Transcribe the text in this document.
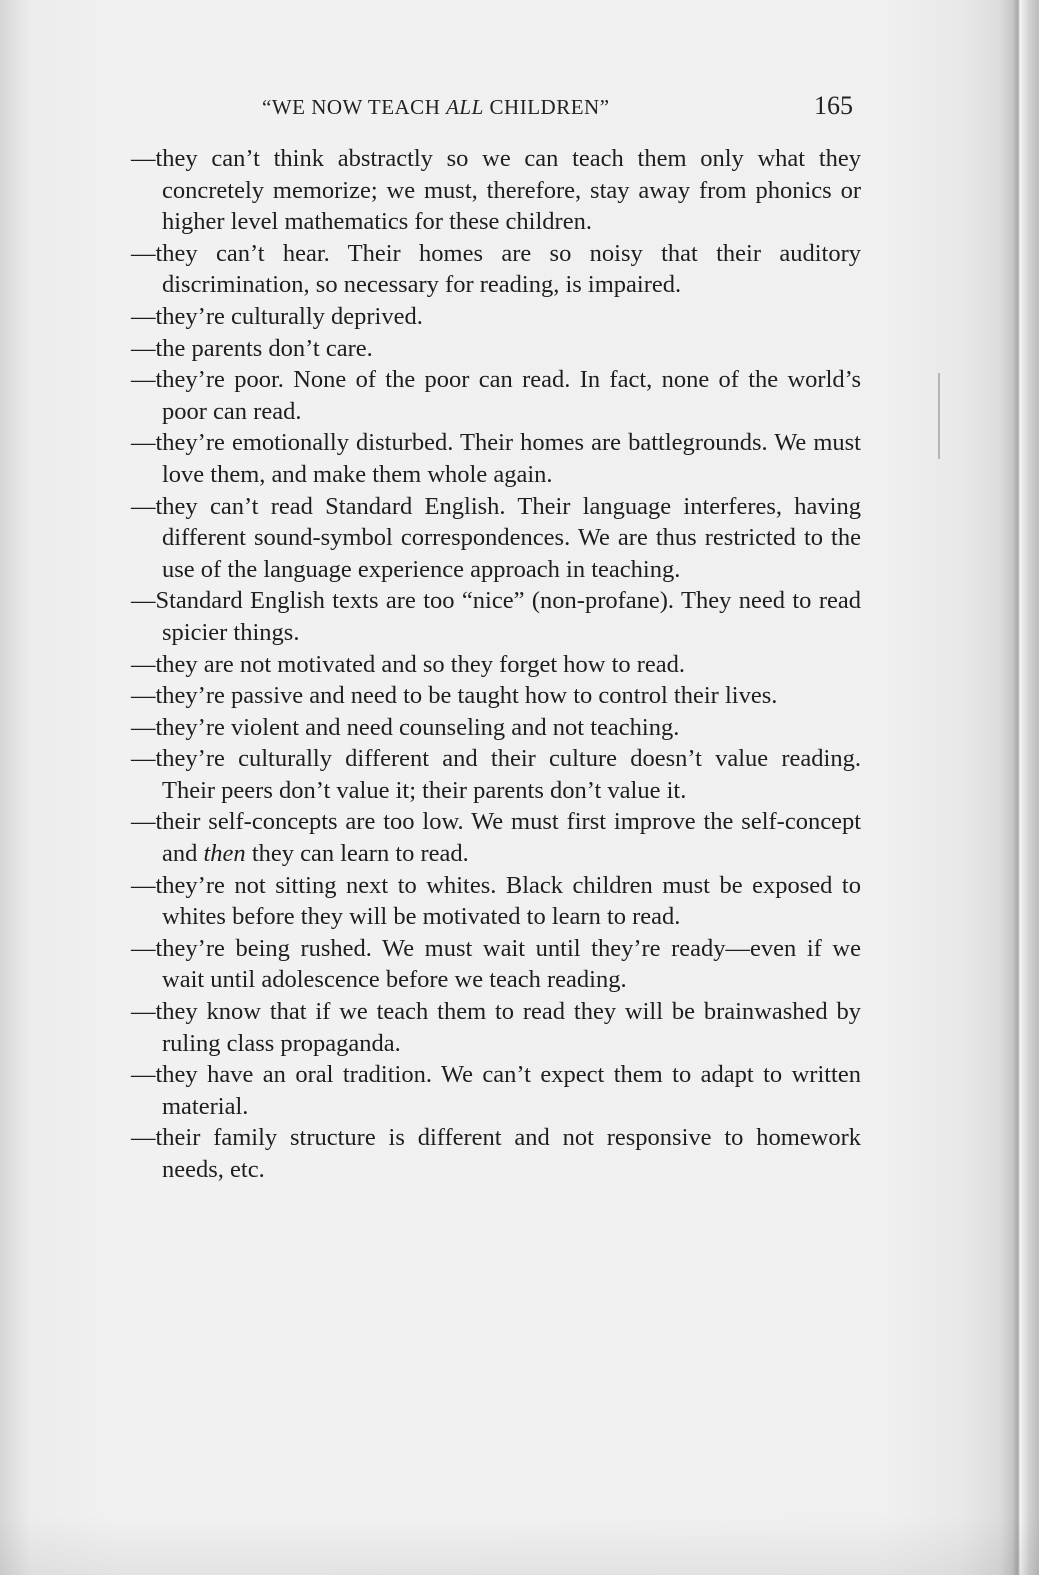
“WE NOW TEACH ALL CHILDREN”	165

—they can’t think abstractly so we can teach them only what they concretely memorize; we must, therefore, stay away from phonics or higher level mathematics for these children.

—they can’t hear. Their homes are so noisy that their auditory discrimination, so necessary for reading, is impaired.

—they’re culturally deprived.

—the parents don’t care.

—they’re poor. None of the poor can read. In fact, none of the world’s poor can read.

—they’re emotionally disturbed. Their homes are battlegrounds. We must love them, and make them whole again.

—they can’t read Standard English. Their language interferes, having different sound-symbol correspondences. We are thus restricted to the use of the language experience approach in teaching.

—Standard English texts are too “nice” (non-profane). They need to read spicier things.

—they are not motivated and so they forget how to read.

—they’re passive and need to be taught how to control their lives.

—they’re violent and need counseling and not teaching.

—they’re culturally different and their culture doesn’t value reading. Their peers don’t value it; their parents don’t value it.

—their self-concepts are too low. We must first improve the self-concept and then they can learn to read.

—they’re not sitting next to whites. Black children must be exposed to whites before they will be motivated to learn to read.

—they’re being rushed. We must wait until they’re ready—even if we wait until adolescence before we teach reading.

—they know that if we teach them to read they will be brainwashed by ruling class propaganda.

—they have an oral tradition. We can’t expect them to adapt to written material.

—their family structure is different and not responsive to homework needs, etc.
